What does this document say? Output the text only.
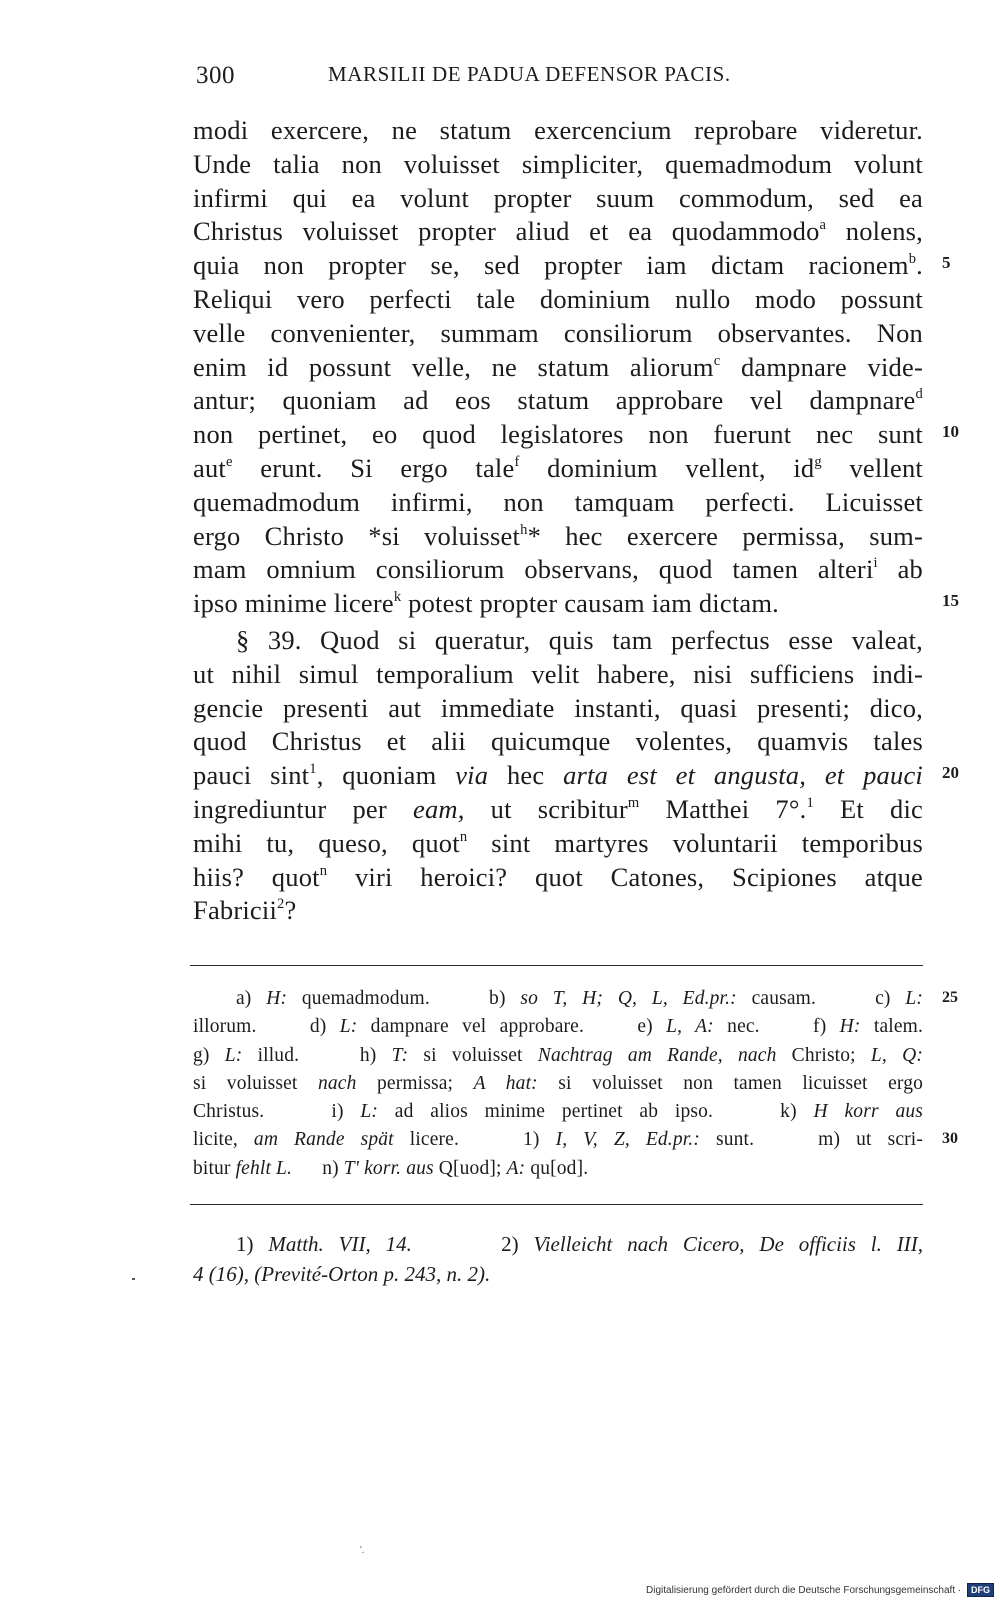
300	MARSILII DE PADUA DEFENSOR PACIS.
modi exercere, ne statum exercencium reprobare videretur.
Unde talia non voluisset simpliciter, quemadmodum volunt
infirmi qui ea volunt propter suum commodum, sed ea
Christus voluisset propter aliud et ea quodammodo$^a$ nolens,
quia non propter se, sed propter iam dictam racionem$^b$. 5
Reliqui vero perfecti tale dominium nullo modo possunt
velle convenienter, summam consiliorum observantes. Non
enim id possunt velle, ne statum aliorum$^c$ dampnare vide-
antur; quoniam ad eos statum approbare vel dampnare$^d$
non pertinet, eo quod legislatores non fuerunt nec sunt 10
aut$^e$ erunt. Si ergo tale$^f$ dominium vellent, $id^g$ vellent
quemadmodum infirmi, non tamquam perfecti. Licuisset
ergo Christo *si voluisset$^h$* hec exercere permissa, sum-
mam omnium consiliorum observans, quod tamen alteri$^i$ ab
ipso minime licere$^k$ potest propter causam iam dictam.	15
§ 39. Quod si queratur, quis tam perfectus esse valeat,
ut nihil simul temporalium velit habere, nisi sufficiens indi-
gencie presenti aut immediate instanti, quasi presenti; dico,
quod Christus et alii quicumque volentes, quamvis tales
pauci sint$^1$, quoniam via hec arta est et angusta, et pauci 20
ingrediuntur per eam, ut scribitur$^m$ Matthei 7°.$^1$ Et dic
mihi tu, queso, quot$^n$ sint martyres voluntarii temporibus
hiis? quot$^n$ viri heroici? quot Catones, Scipiones atque
Fabricii$^2$?
a) H: quemadmodum.	b) so T, H; Q, L, Ed.pr.: causam.	c) L: 25
illorum.	d) L: dampnare vel approbare.	e) L, A: nec.	f) H: talem.
g) L: illud.	h) T: si voluisset Nachtrag am Rande, nach Christo; L, Q:
si voluisset nach permissa; A hat: si voluisset non tamen licuisset ergo
Christus.	i) L: ad alios minime pertinet ab ipso.	k) H korr aus
licite, am Rande spät licere.	1) I, V, Z, Ed.pr.: sunt.	m) ut scri- 30
bitur fehlt L. n) T' korr. aus Q[uod]; A: qu[od].
1) Matth. VII, 14.	2) Vielleicht nach Cicero, De officiis l. III,
4 (16), (Previté-Orton p. 243, n. 2).
'.
Digitalisierung gefördert durch die Deutsche Forschungsgemeinschaft · DFG
